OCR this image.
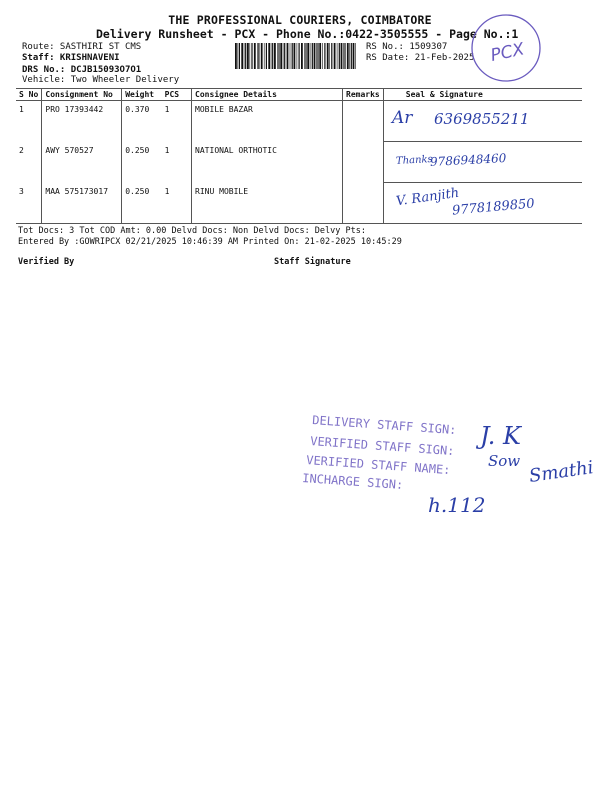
THE PROFESSIONAL COURIERS, COIMBATORE
Delivery Runsheet - PCX - Phone No.:0422-3505555 - Page No.:1
Route: SASTHIRI ST CMS
Staff: KRISHNAVENI
DRS No.: DCJB15093O7O1
Vehicle: Two Wheeler Delivery
RS No.: 1509307
RS Date: 21-Feb-2025 PCX
S No	Consignment No	Weight	PCS	Consignee Details	Remarks	Seal & Signature
1	PRO 17393442	0.370	1	MOBILE BAZAR		
2	AWY 570527	0.250	1	NATIONAL ORTHOTIC		
3	MAA 575173017	0.250	1	RINU MOBILE		
Ar 6369855211
Thanks
9786948460
V. Ranjith
9778189850
Tot Docs: 3 Tot COD Amt: 0.00 Delvd Docs: Non Delvd Docs: Delvy Pts:
Entered By :GOWRIPCX 02/21/2025 10:46:39 AM Printed On: 21-02-2025 10:45:29
Verified By	Staff Signature
DELIVERY STAFF SIGN:
VERIFIED STAFF SIGN:
VERIFIED STAFF NAME:
INCHARGE SIGN:
J. K
Sow Smathi
h.112
